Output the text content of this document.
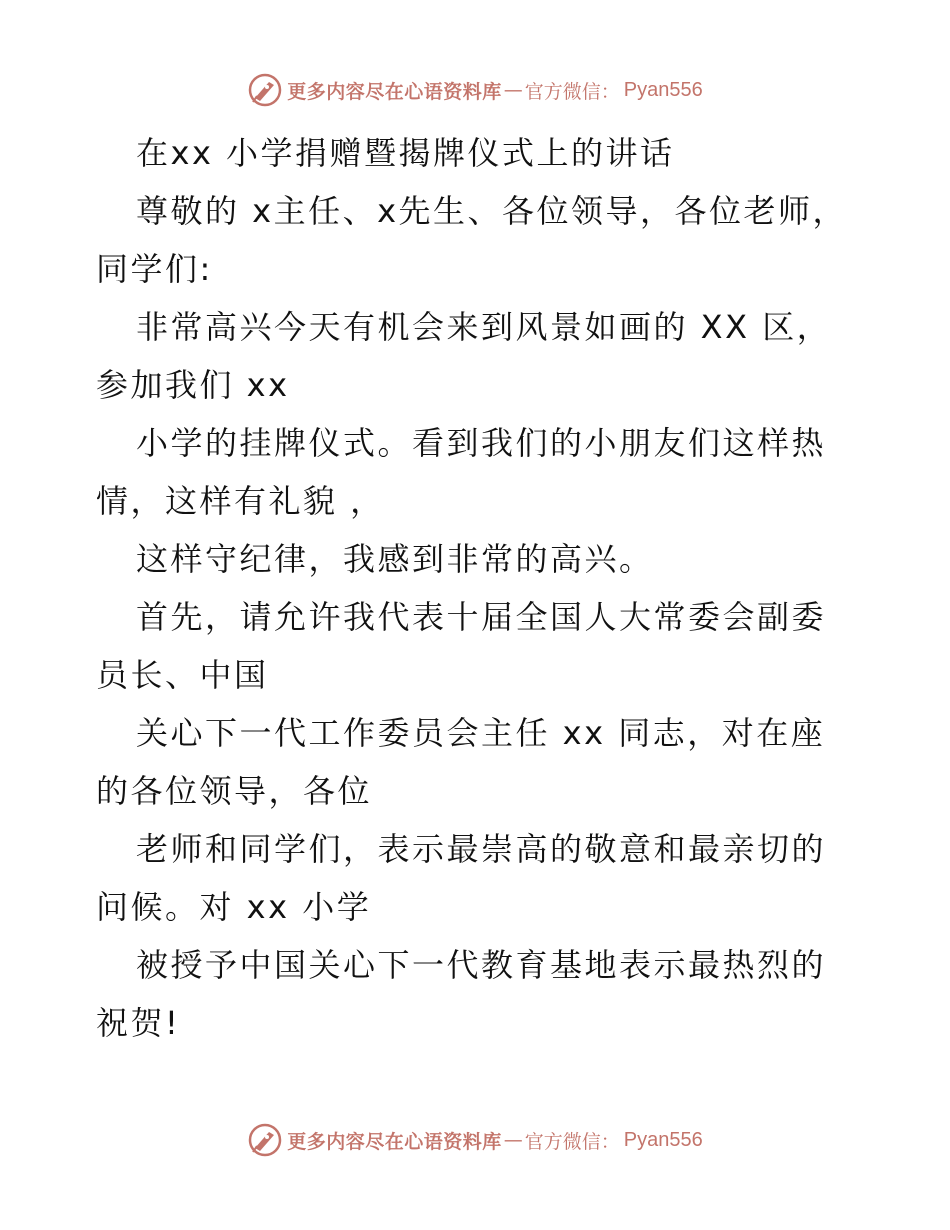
更多内容尽在心语资料库 — 官方微信： Pyan556

在xx 小学捐赠暨揭牌仪式上的讲话

尊敬的 x主任、x先生、各位领导，各位老师，同学们:

非常高兴今天有机会来到风景如画的 XX 区，参加我们 xx

小学的挂牌仪式。看到我们的小朋友们这样热情，这样有礼貌 ，

这样守纪律，我感到非常的高兴。

首先，请允许我代表十届全国人大常委会副委员长、中国

关心下一代工作委员会主任 xx 同志，对在座的各位领导，各位

老师和同学们，表示最崇高的敬意和最亲切的问候。对 xx 小学

被授予中国关心下一代教育基地表示最热烈的祝贺!

更多内容尽在心语资料库 — 官方微信： Pyan556
